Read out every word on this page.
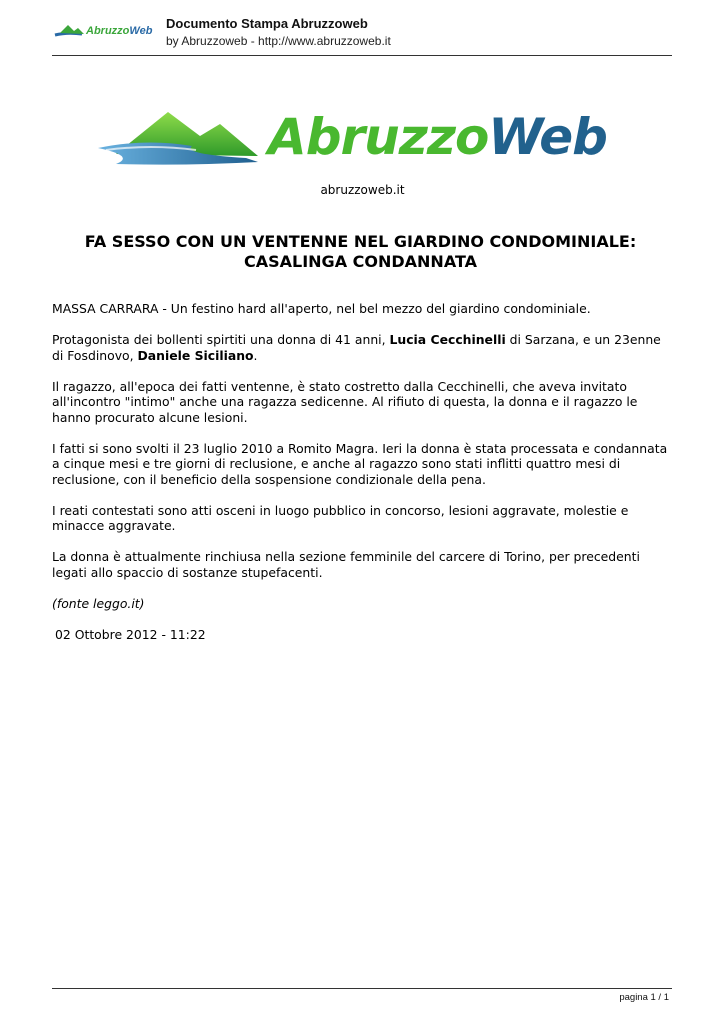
AbruzzoWeb Documento Stampa Abruzzoweb
by Abruzzoweb - http://www.abruzzoweb.it
AbruzzoWeb
abruzzoweb.it
FA SESSO CON UN VENTENNE NEL GIARDINO CONDOMINIALE:
CASALINGA CONDANNATA

MASSA CARRARA - Un festino hard all'aperto, nel bel mezzo del giardino condominiale.

Protagonista dei bollenti spirtiti una donna di 41 anni, Lucia Cecchinelli di Sarzana, e un 23enne di Fosdinovo, Daniele Siciliano.

Il ragazzo, all'epoca dei fatti ventenne, è stato costretto dalla Cecchinelli, che aveva invitato all'incontro "intimo" anche una ragazza sedicenne. Al rifiuto di questa, la donna e il ragazzo le hanno procurato alcune lesioni.

I fatti si sono svolti il 23 luglio 2010 a Romito Magra. Ieri la donna è stata processata e condannata a cinque mesi e tre giorni di reclusione, e anche al ragazzo sono stati inflitti quattro mesi di reclusione, con il beneficio della sospensione condizionale della pena.

I reati contestati sono atti osceni in luogo pubblico in concorso, lesioni aggravate, molestie e minacce aggravate.

La donna è attualmente rinchiusa nella sezione femminile del carcere di Torino, per precedenti legati allo spaccio di sostanze stupefacenti.

(fonte leggo.it)

02 Ottobre 2012 - 11:22

pagina 1 / 1
